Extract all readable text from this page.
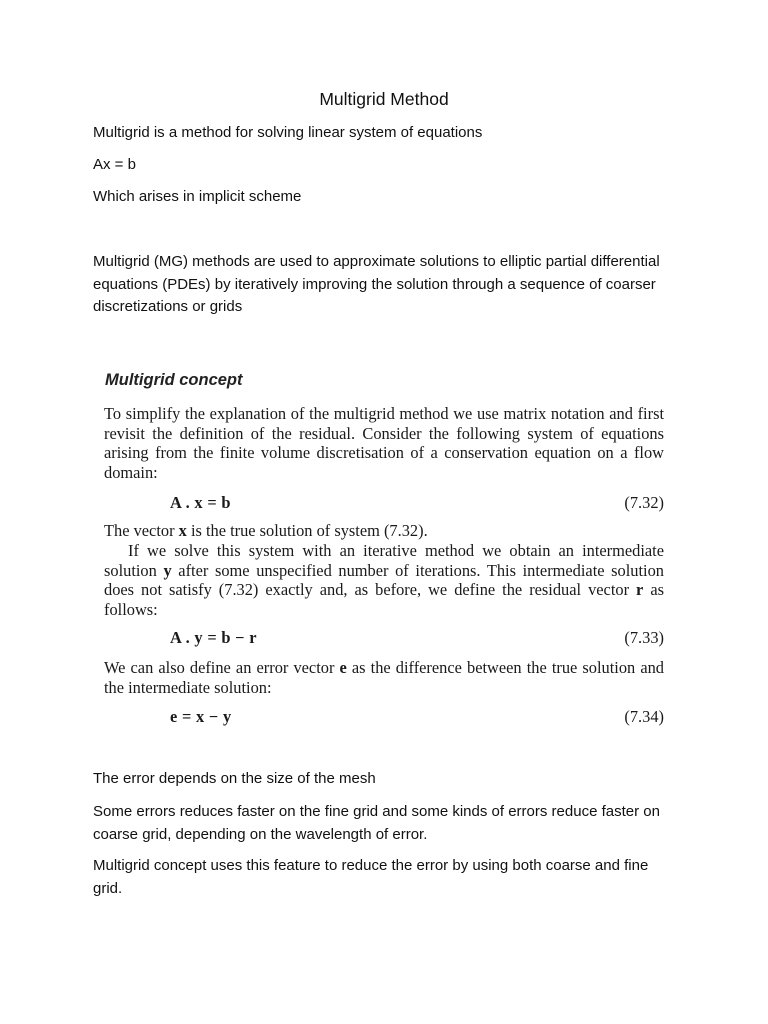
Multigrid Method

Multigrid is a method for solving linear system of equations

Ax = b

Which arises in implicit scheme

Multigrid (MG) methods are used to approximate solutions to elliptic partial differential equations (PDEs) by iteratively improving the solution through a sequence of coarser discretizations or grids

Multigrid concept

To simplify the explanation of the multigrid method we use matrix notation and first revisit the definition of the residual. Consider the following system of equations arising from the finite volume discretisation of a conservation equation on a flow domain:

A . x = b	(7.32)

The vector x is the true solution of system (7.32).

If we solve this system with an iterative method we obtain an intermediate solution y after some unspecified number of iterations. This intermediate solution does not satisfy (7.32) exactly and, as before, we define the residual vector r as follows:

A . y = b − r	(7.33)

We can also define an error vector e as the difference between the true solution and the intermediate solution:

e = x − y	(7.34)

The error depends on the size of the mesh

Some errors reduces faster on the fine grid and some kinds of errors reduce faster on coarse grid, depending on the wavelength of error.

Multigrid concept uses this feature to reduce the error by using both coarse and fine grid.
